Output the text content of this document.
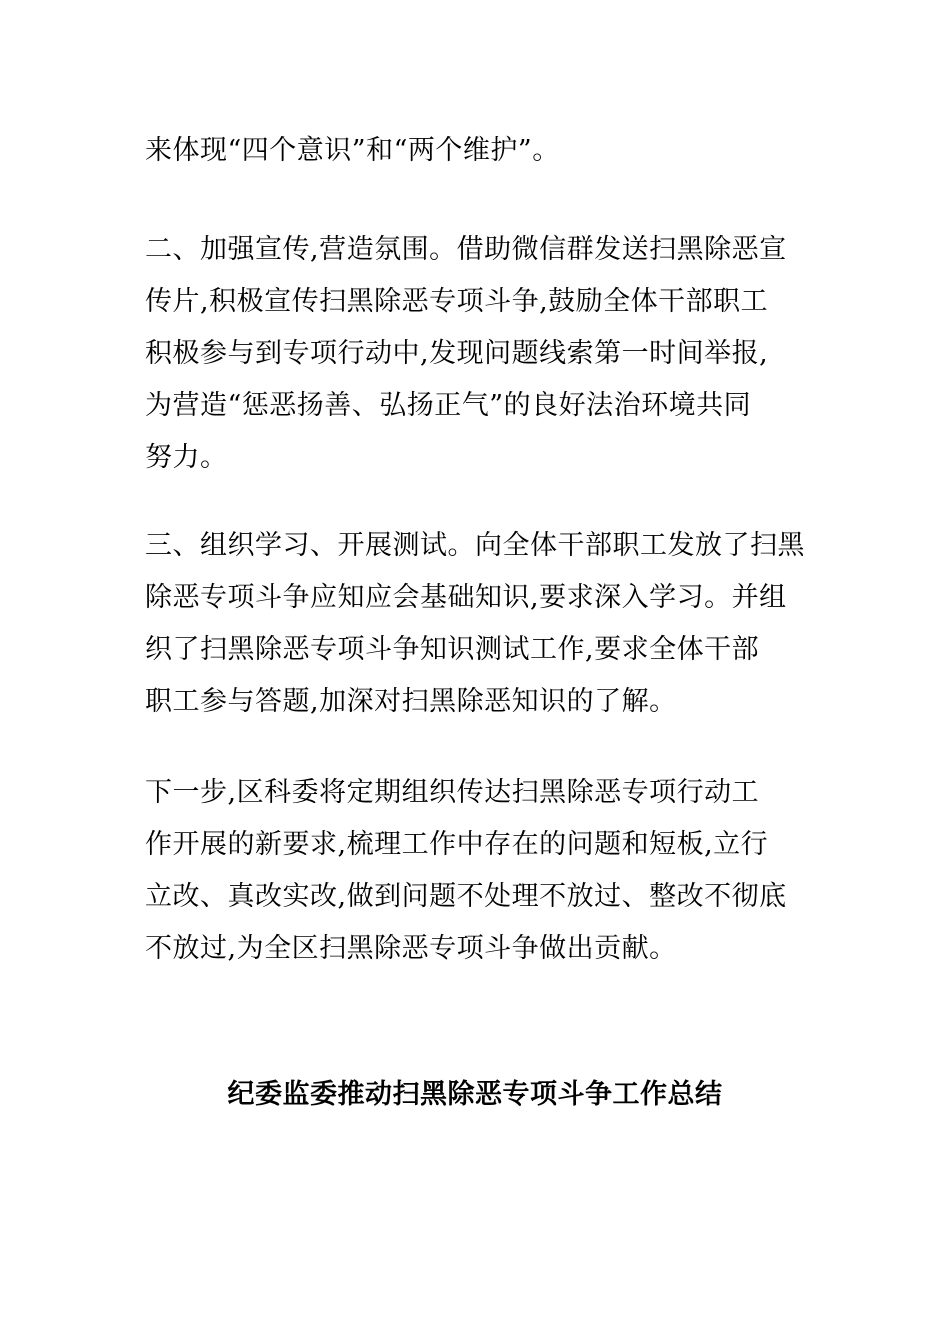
来体现“四个意识”和“两个维护”。
二、加强宣传,营造氛围。借助微信群发送扫黑除恶宣
传片,积极宣传扫黑除恶专项斗争,鼓励全体干部职工
积极参与到专项行动中,发现问题线索第一时间举报,
为营造“惩恶扬善、弘扬正气”的良好法治环境共同
努力。
三、组织学习、开展测试。向全体干部职工发放了扫黑
除恶专项斗争应知应会基础知识,要求深入学习。并组
织了扫黑除恶专项斗争知识测试工作,要求全体干部
职工参与答题,加深对扫黑除恶知识的了解。
下一步,区科委将定期组织传达扫黑除恶专项行动工
作开展的新要求,梳理工作中存在的问题和短板,立行
立改、真改实改,做到问题不处理不放过、整改不彻底
不放过,为全区扫黑除恶专项斗争做出贡献。
纪委监委推动扫黑除恶专项斗争工作总结
